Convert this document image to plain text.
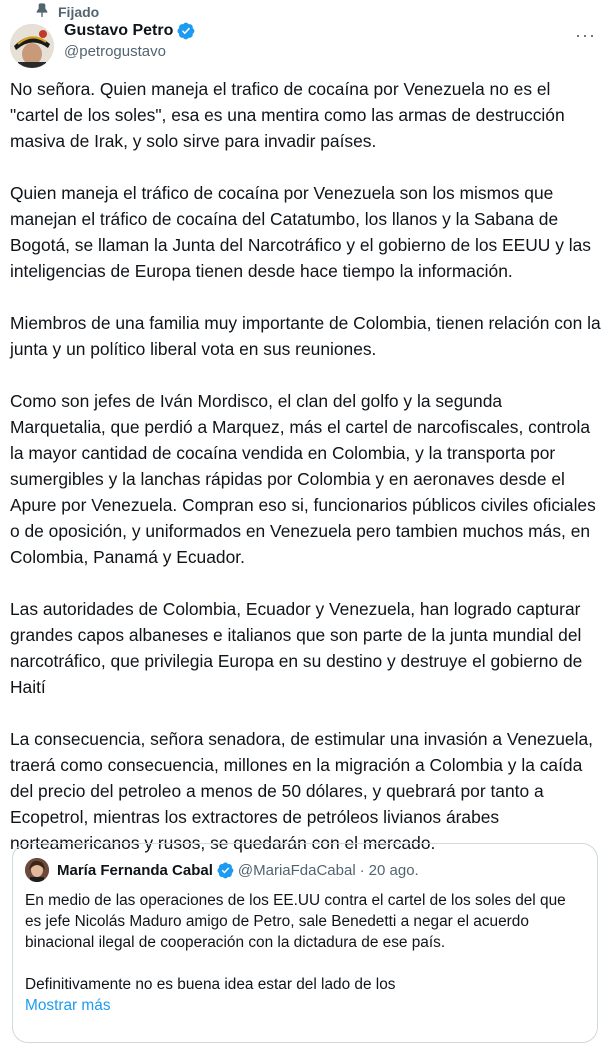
Fijado
Gustavo Petro
@petrogustavo
···

No señora. Quien maneja el trafico de cocaína por Venezuela no es el "cartel de los soles", esa es una mentira como las armas de destrucción masiva de Irak, y solo sirve para invadir países.

Quien maneja el tráfico de cocaína por Venezuela son los mismos que manejan el tráfico de cocaína del Catatumbo, los llanos y la Sabana de Bogotá, se llaman la Junta del Narcotráfico y el gobierno de los EEUU y las inteligencias de Europa tienen desde hace tiempo la información.

Miembros de una familia muy importante de Colombia, tienen relación con la junta y un político liberal vota en sus reuniones.

Como son jefes de Iván Mordisco, el clan del golfo y la segunda Marquetalia, que perdió a Marquez, más el cartel de narcofiscales, controla la mayor cantidad de cocaína vendida en Colombia, y la transporta por sumergibles y la lanchas rápidas por Colombia y en aeronaves desde el Apure por Venezuela. Compran eso si, funcionarios públicos civiles oficiales o de oposición, y uniformados en Venezuela pero tambien muchos más, en Colombia, Panamá y Ecuador.

Las autoridades de Colombia, Ecuador y Venezuela, han logrado capturar grandes capos albaneses e italianos que son parte de la junta mundial del narcotráfico, que privilegia Europa en su destino y destruye el gobierno de Haití

La consecuencia, señora senadora, de estimular una invasión a Venezuela, traerá como consecuencia, millones en la migración a Colombia y la caída del precio del petroleo a menos de 50 dólares, y quebrará por tanto a Ecopetrol, mientras los extractores de petróleos livianos árabes norteamericanos y rusos, se quedarán con el mercado.

María Fernanda Cabal @MariaFdaCabal · 20 ago.

En medio de las operaciones de los EE.UU contra el cartel de los soles del que es jefe Nicolás Maduro amigo de Petro, sale Benedetti a negar el acuerdo binacional ilegal de cooperación con la dictadura de ese país.

Definitivamente no es buena idea estar del lado de los

Mostrar más
